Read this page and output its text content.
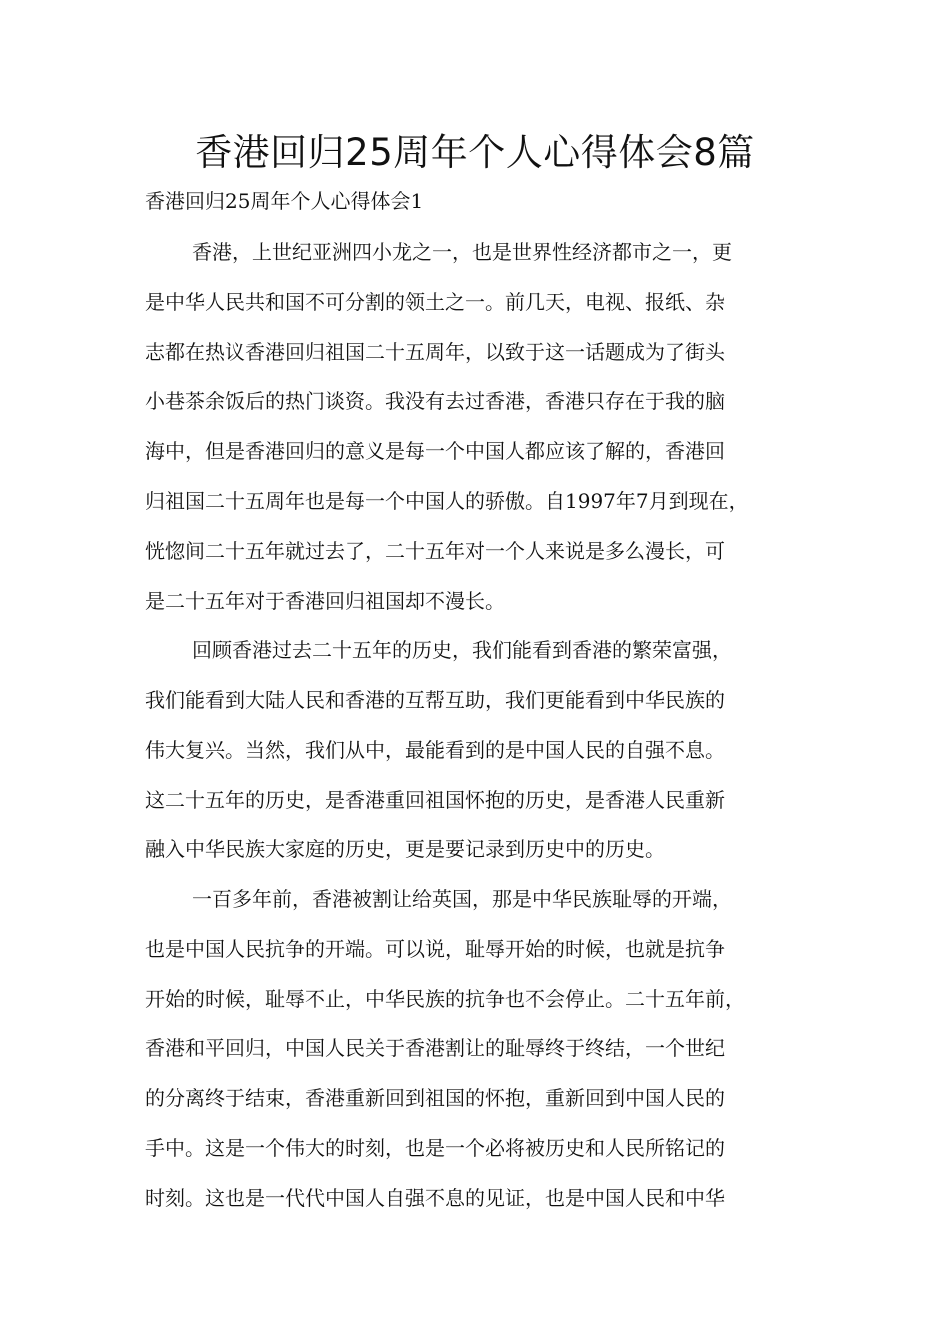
香港回归25周年个人心得体会8篇

香港回归25周年个人心得体会1

香港，上世纪亚洲四小龙之一，也是世界性经济都市之一，更

是中华人民共和国不可分割的领土之一。前几天，电视、报纸、杂

志都在热议香港回归祖国二十五周年，以致于这一话题成为了街头

小巷茶余饭后的热门谈资。我没有去过香港，香港只存在于我的脑

海中，但是香港回归的意义是每一个中国人都应该了解的，香港回

归祖国二十五周年也是每一个中国人的骄傲。自1997年7月到现在，

恍惚间二十五年就过去了，二十五年对一个人来说是多么漫长，可

是二十五年对于香港回归祖国却不漫长。

回顾香港过去二十五年的历史，我们能看到香港的繁荣富强，

我们能看到大陆人民和香港的互帮互助，我们更能看到中华民族的

伟大复兴。当然，我们从中，最能看到的是中国人民的自强不息。

这二十五年的历史，是香港重回祖国怀抱的历史，是香港人民重新

融入中华民族大家庭的历史，更是要记录到历史中的历史。

一百多年前，香港被割让给英国，那是中华民族耻辱的开端，

也是中国人民抗争的开端。可以说，耻辱开始的时候，也就是抗争

开始的时候，耻辱不止，中华民族的抗争也不会停止。二十五年前，

香港和平回归，中国人民关于香港割让的耻辱终于终结，一个世纪

的分离终于结束，香港重新回到祖国的怀抱，重新回到中国人民的

手中。这是一个伟大的时刻，也是一个必将被历史和人民所铭记的

时刻。这也是一代代中国人自强不息的见证，也是中国人民和中华
